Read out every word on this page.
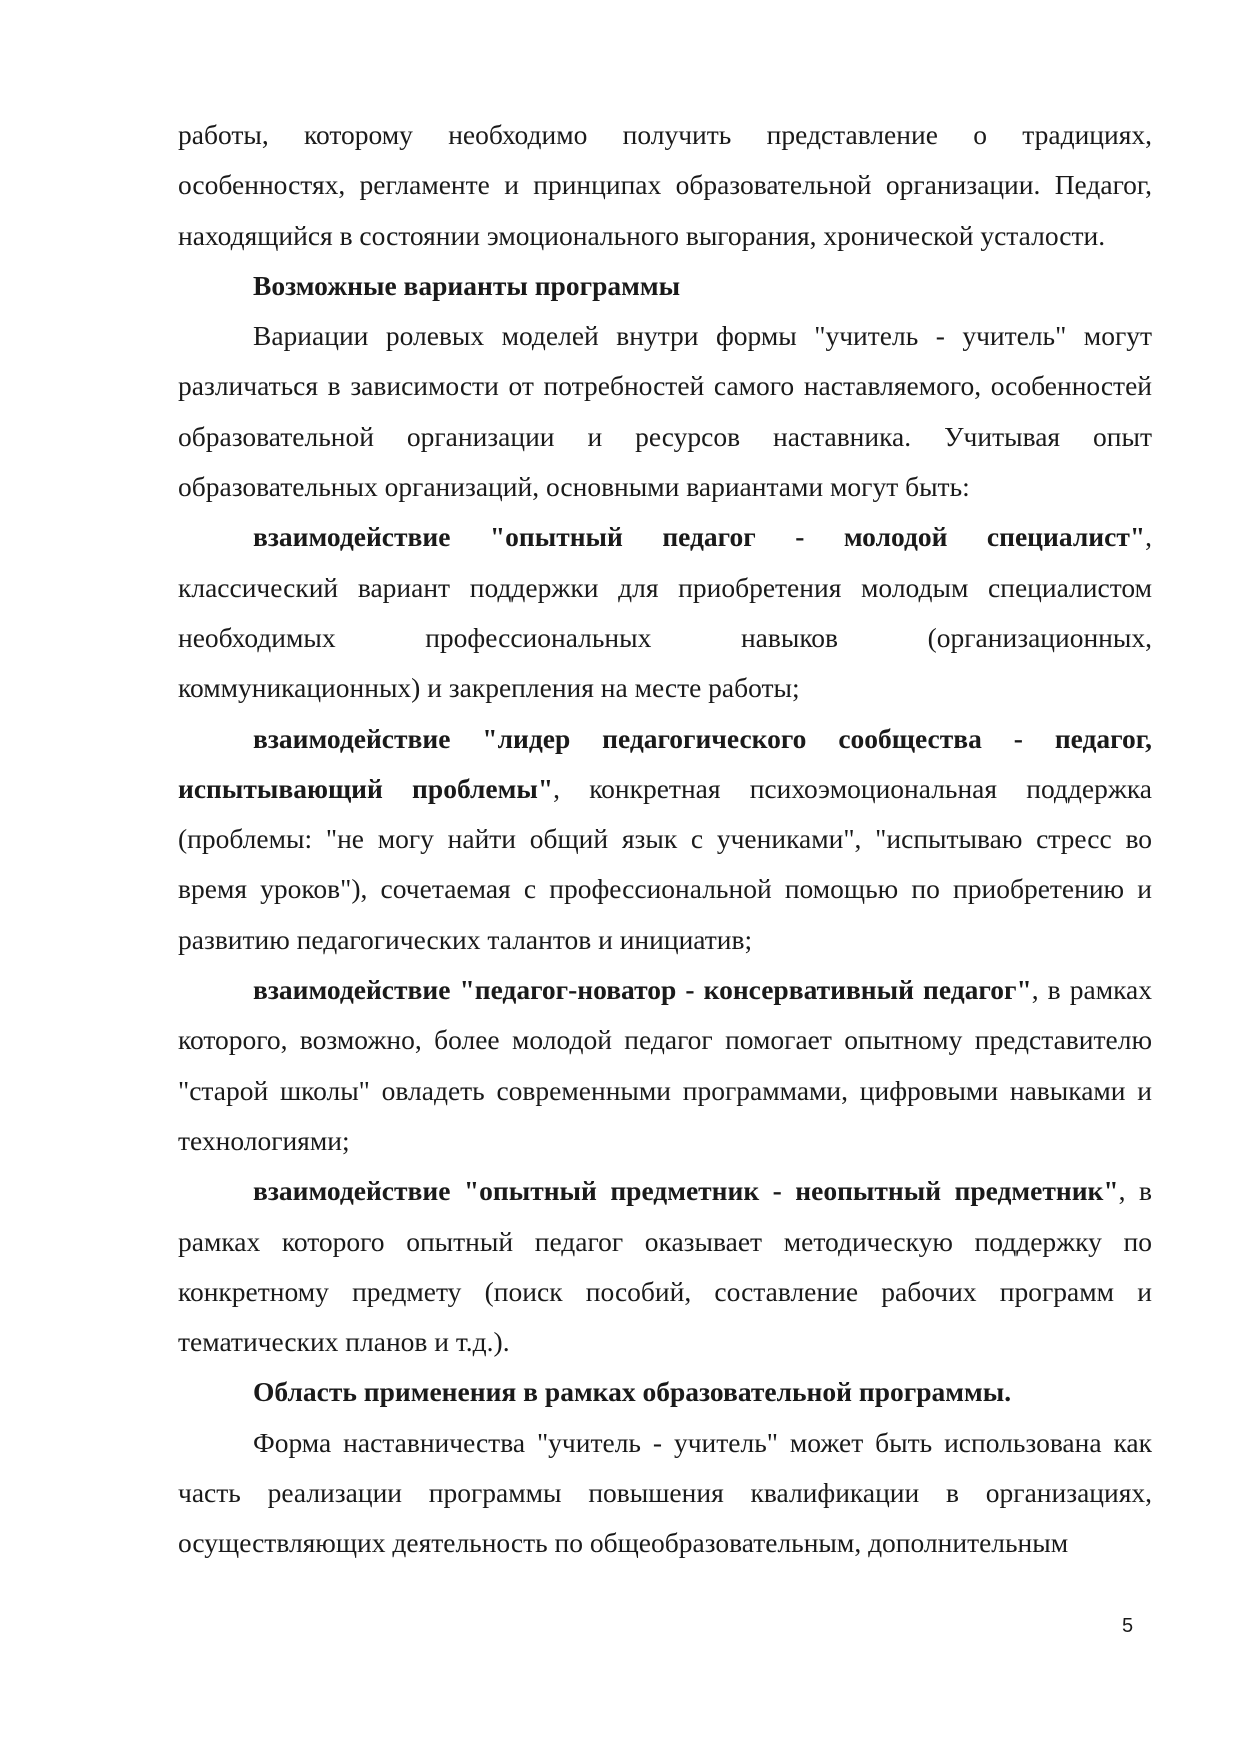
работы, которому необходимо получить представление о традициях, особенностях, регламенте и принципах образовательной организации. Педагог, находящийся в состоянии эмоционального выгорания, хронической усталости.

Возможные варианты программы

Вариации ролевых моделей внутри формы "учитель - учитель" могут различаться в зависимости от потребностей самого наставляемого, особенностей образовательной организации и ресурсов наставника. Учитывая опыт образовательных организаций, основными вариантами могут быть:

взаимодействие "опытный педагог - молодой специалист", классический вариант поддержки для приобретения молодым специалистом необходимых профессиональных навыков (организационных, коммуникационных) и закрепления на месте работы;

взаимодействие "лидер педагогического сообщества - педагог, испытывающий проблемы", конкретная психоэмоциональная поддержка (проблемы: "не могу найти общий язык с учениками", "испытываю стресс во время уроков"), сочетаемая с профессиональной помощью по приобретению и развитию педагогических талантов и инициатив;

взаимодействие "педагог-новатор - консервативный педагог", в рамках которого, возможно, более молодой педагог помогает опытному представителю "старой школы" овладеть современными программами, цифровыми навыками и технологиями;

взаимодействие "опытный предметник - неопытный предметник", в рамках которого опытный педагог оказывает методическую поддержку по конкретному предмету (поиск пособий, составление рабочих программ и тематических планов и т.д.).

Область применения в рамках образовательной программы.

Форма наставничества "учитель - учитель" может быть использована как часть реализации программы повышения квалификации в организациях, осуществляющих деятельность по общеобразовательным, дополнительным

5
